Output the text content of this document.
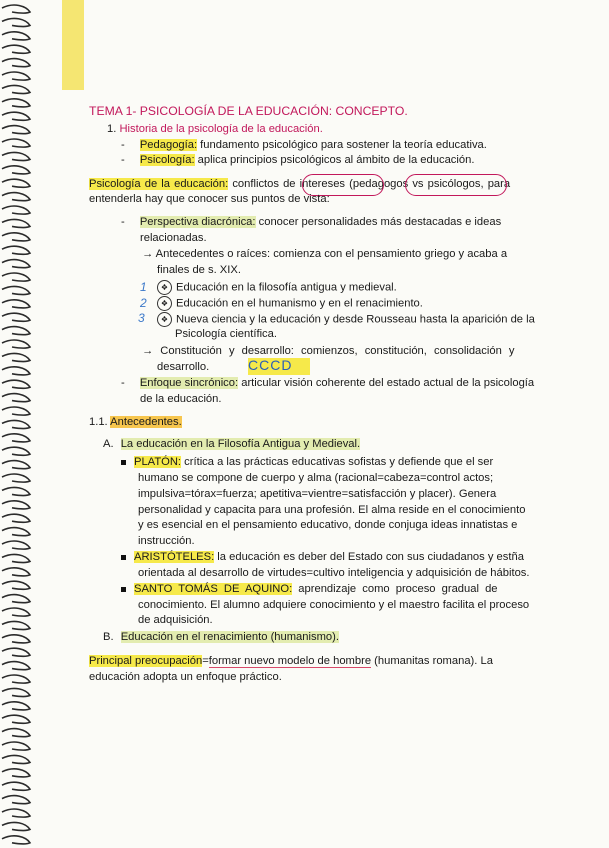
TEMA 1- PSICOLOGÍA DE LA EDUCACIÓN: CONCEPTO.
1. Historia de la psicología de la educación.
- Pedagogía: fundamento psicológico para sostener la teoría educativa.
- Psicología: aplica principios psicológicos al ámbito de la educación.
Psicología de la educación: conflictos de intereses (pedagogos vs psicólogos, para
entenderla hay que conocer sus puntos de vista:
- Perspectiva diacrónica: conocer personalidades más destacadas e ideas
relacionadas.
→ Antecedentes o raíces: comienza con el pensamiento griego y acaba a
finales de s. XIX.
1	❖ Educación en la filosofía antigua y medieval.
2	❖ Educación en el humanismo y en el renacimiento.
3	❖ Nueva ciencia y la educación y desde Rousseau hasta la aparición de la
Psicología científica.
→ Constitución y desarrollo: comienzos, constitución, consolidación y
desarrollo.	CCCD
- Enfoque sincrónico: articular visión coherente del estado actual de la psicología
de la educación.
1.1. Antecedentes.
A. La educación en la Filosofía Antigua y Medieval.
PLATÓN: crítica a las prácticas educativas sofistas y defiende que el ser
humano se compone de cuerpo y alma (racional=cabeza=control actos;
impulsiva=tórax=fuerza; apetitiva=vientre=satisfacción y placer). Genera
personalidad y capacita para una profesión. El alma reside en el conocimiento
y es esencial en el pensamiento educativo, donde conjuga ideas innatistas e
instrucción.
ARISTÓTELES: la educación es deber del Estado con sus ciudadanos y estña
orientada al desarrollo de virtudes=cultivo inteligencia y adquisición de hábitos.
SANTO TOMÁS DE AQUINO: aprendizaje como proceso gradual de
conocimiento. El alumno adquiere conocimiento y el maestro facilita el proceso
de adquisición.
B. Educación en el renacimiento (humanismo).
Principal preocupación=formar nuevo modelo de hombre (humanitas romana). La
educación adopta un enfoque práctico.
